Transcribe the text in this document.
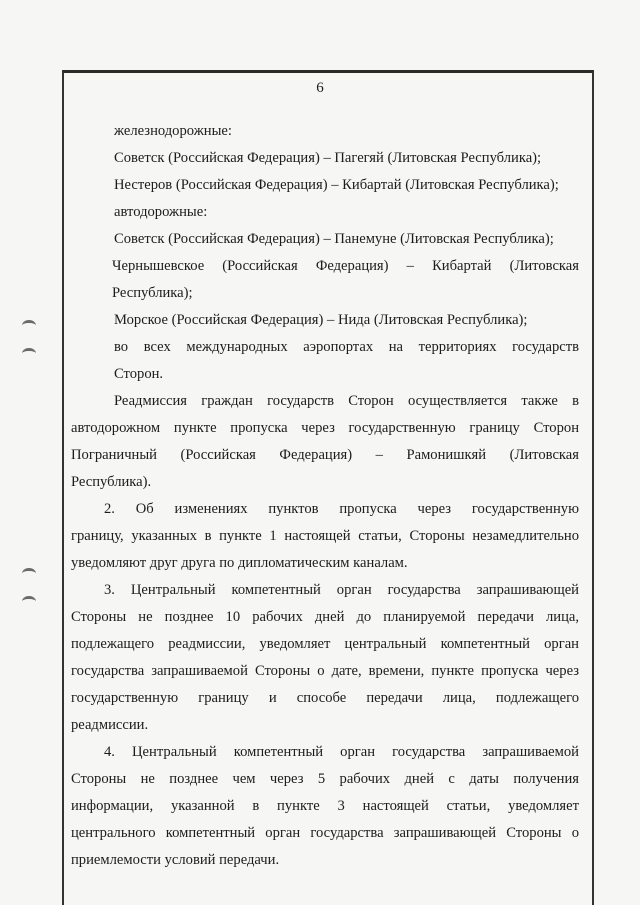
6
железнодорожные:
Советск (Российская Федерация) – Пагегяй (Литовская Республика);
Нестеров (Российская Федерация) – Кибартай (Литовская Республика);
автодорожные:
Советск (Российская Федерация) – Панемуне (Литовская Республика);
Чернышевское (Российская Федерация) – Кибартай (Литовская
Республика);
Морское (Российская Федерация) – Нида (Литовская Республика);
во всех международных аэропортах на территориях государств
Сторон.
Реадмиссия граждан государств Сторон осуществляется также в
автодорожном пункте пропуска через государственную границу Сторон
Пограничный (Российская Федерация) – Рамонишкяй (Литовская
Республика).
2. Об изменениях пунктов пропуска через государственную
границу, указанных в пункте 1 настоящей статьи, Стороны незамедлительно
уведомляют друг друга по дипломатическим каналам.
3. Центральный компетентный орган государства запрашивающей
Стороны не позднее 10 рабочих дней до планируемой передачи лица,
подлежащего реадмиссии, уведомляет центральный компетентный орган
государства запрашиваемой Стороны о дате, времени, пункте пропуска через
государственную границу и способе передачи лица, подлежащего
реадмиссии.
4. Центральный компетентный орган государства запрашиваемой
Стороны не позднее чем через 5 рабочих дней с даты получения
информации, указанной в пункте 3 настоящей статьи, уведомляет
центрального компетентный орган государства запрашивающей Стороны о
приемлемости условий передачи.
